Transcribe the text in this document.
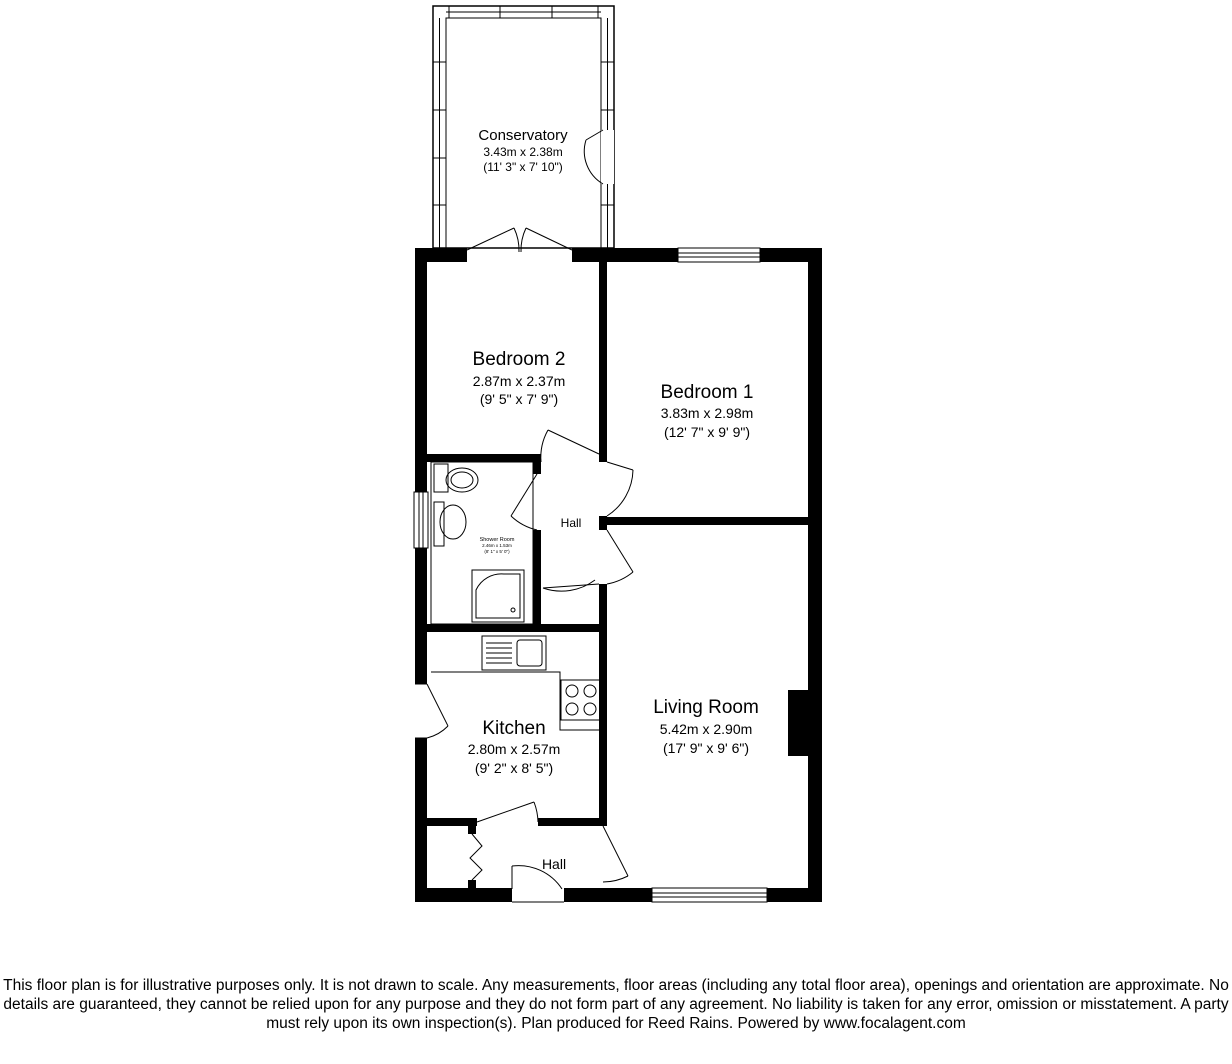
Conservatory
3.43m x 2.38m
(11' 3" x 7' 10")
Bedroom 2
2.87m x 2.37m
(9' 5" x 7' 9")	Bedroom 1
3.83m x 2.98m
(12' 7" x 9' 9")
Shower Room
2.46m x 1.53m
(8' 1" x 5' 0")
Hall
Kitchen
2.80m x 2.57m
(9' 2" x 8' 5")
Living Room
5.42m x 2.90m
(17' 9" x 9' 6")
Hall

This floor plan is for illustrative purposes only. It is not drawn to scale. Any measurements, floor areas (including any total floor area), openings and orientation are approximate. No details are guaranteed, they cannot be relied upon for any purpose and they do not form part of any agreement. No liability is taken for any error, omission or misstatement. A party must rely upon its own inspection(s). Plan produced for Reed Rains. Powered by www.focalagent.com
